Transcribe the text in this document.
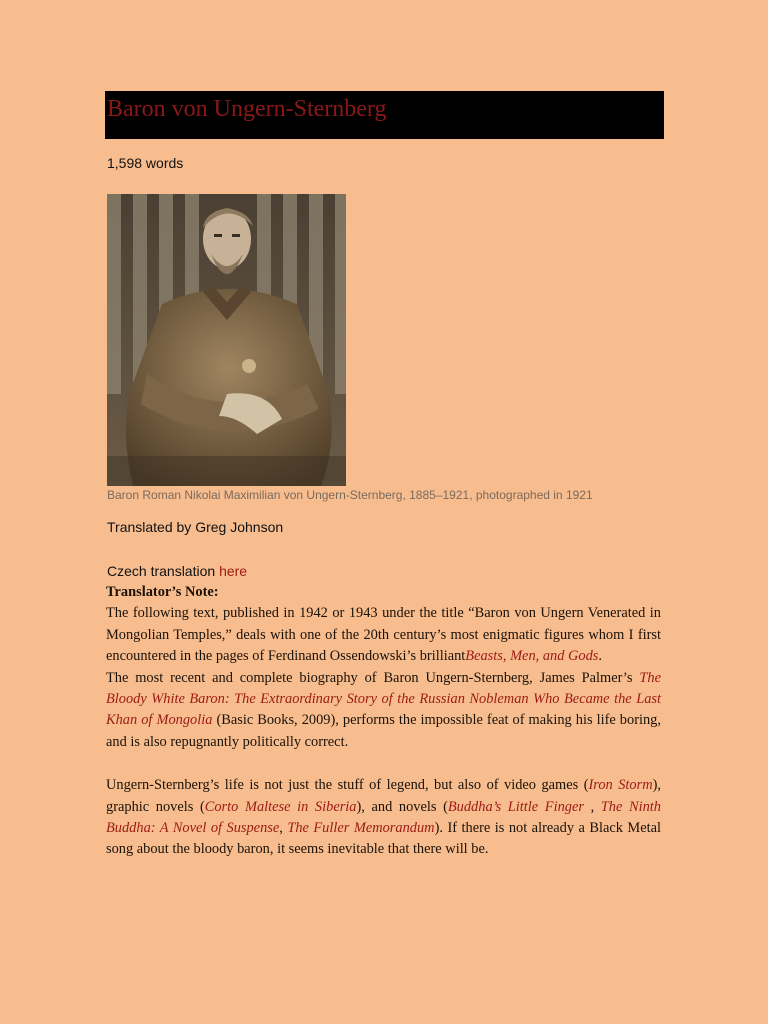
Baron von Ungern-Sternberg
1,598 words
Baron Roman Nikolai Maximilian von Ungern-Sternberg, 1885–1921, photographed in 1921
Translated by Greg Johnson
Czech translation here

Translator’s Note:

The following text, published in 1942 or 1943 under the title “Baron von Ungern Venerated in Mongolian Temples,” deals with one of the 20th century’s most enigmatic figures whom I first encountered in the pages of Ferdinand Ossendowski’s brilliantBeasts, Men, and Gods.

The most recent and complete biography of Baron Ungern-Sternberg, James Palmer’s The Bloody White Baron: The Extraordinary Story of the Russian Nobleman Who Became the Last Khan of Mongolia (Basic Books, 2009), performs the impossible feat of making his life boring, and is also repugnantly politically correct.

Ungern-Sternberg’s life is not just the stuff of legend, but also of video games (Iron Storm), graphic novels (Corto Maltese in Siberia), and novels (Buddha’s Little Finger , The Ninth Buddha: A Novel of Suspense, The Fuller Memorandum). If there is not already a Black Metal song about the bloody baron, it seems inevitable that there will be.
